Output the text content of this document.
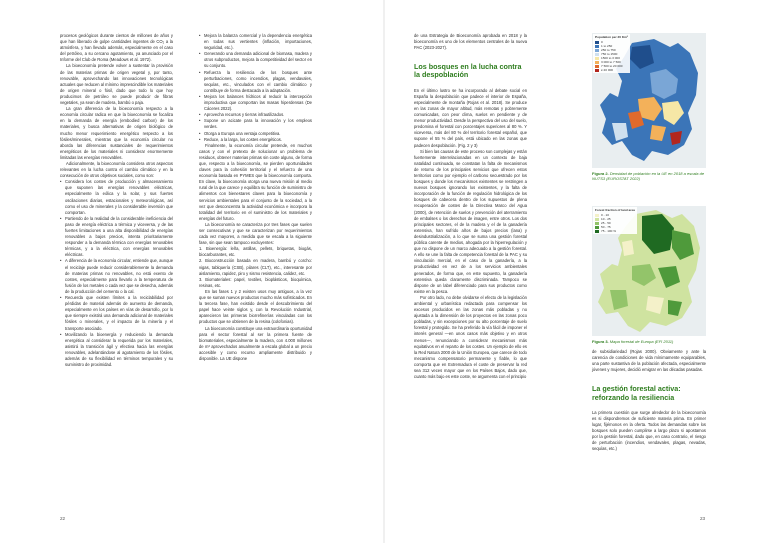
procesos geológicos durante cientos de millones de años y que han liberado de golpe cantidades ingentes de CO₂ a la atmósfera, y han llevado además, especialmente en el caso del petróleo, a su cercano agotamiento, ya anunciado por el Informe del Club de Roma (Meadows et al. 1972).

La bioeconomía pretende volver a sustentar la provisión de las materias primas de origen vegetal y, por tanto, renovable, aprovechando las innovaciones tecnológicas actuales que reducen al mínimo imprescindible los materiales de origen mineral o fósil, dado que todo lo que hoy producimos de petróleo se puede producir de fibras vegetales, ya sean de madera, bambú o paja.

La gran diferencia de la bioeconomía respecto a la economía circular radica en que la bioeconomía se focaliza en la demanda de energía (embodied carbon) de los materiales, y busca alternativas de origen biológico de mucho menor requerimiento energético respecto a los fósiles/minerales, mientras que la economía circular no aborda las diferencias sustanciales de requerimientos energéticos de los materiales ni considerar enormemente limitadas las energías renovables.

Adicionalmente, la bioeconomía considera otros aspectos relevantes en la lucha contra el cambio climático y en la consecución de otros objetivos sociales, como son:

• Considera los costes de producción y almacenamiento que suponen las energías renovables eléctricas, especialmente la eólica y la solar, y sus fuertes oscilaciones diarias, estacionales y meteorológicas, así como el uso de minerales y la considerable inversión que comportan.
• Partiendo de la realidad de la considerable ineficiencia del paso de energía eléctrica a térmica y viceversa, y de las fuertes limitaciones a una alta disponibilidad de energías renovables a bajos precios, intenta prioritariamente responder a la demanda térmica con energías renovables térmicas, y a la eléctrica, con energías renovables eléctricas.
• A diferencia de la economía circular, entiende que, aunque el reciclaje puede reducir considerablemente la demanda de materias primas no renovables, no está exento de costes, especialmente para llevarlo a la temperatura de fusión de los metales o cada vez que se desecha, además de la producción del cemento o la cal.
• Recuerda que existen límites a la reciclabilidad por pérdidas de material además de aumento de demanda, especialmente en los países en vías de desarrollo, por lo que siempre existirá una demanda adicional de materiales fósiles o minerales, y el impacto de la minería y el transporte asociado.
• Movilizando la bioenergía y reduciendo la demanda energética al considerar la requerida por los materiales, asistirá la transición ágil y efectiva hacia las energías renovables, adelantándose al agotamiento de los fósiles, además de su flexibilidad en términos temporales y su suministro de proximidad.
• Mejora la balanza comercial y la dependencia energética en todas sus vertientes (inflación, importaciones, seguridad, etc.).
• Generando una demanda adicional de biomasa, madera y otros subproductos, mejora la competitividad del sector en su conjunto.
• Refuerza la resiliencia de los bosques ante perturbaciones, como incendios, plagas, vendavales, sequías, etc., vinculados con el cambio climático y contribuye de forma destacada a la adaptación.
• Mejora los balances hídricos al reducir la intercepción improductiva que comportan las masas hiperdensas (De Cáceres 2022).
• Aprovecha recursos y tierras infrautilizados.
• Supone un acicate para la innovación y los empleos verdes.
• Otorga a Europa una ventaja competitiva.
• Reduce, a la larga, los costes energéticos.

Finalmente, la economía circular pretende, en muchos casos y con el pretexto de solucionar un problema de residuos, obtener materias primas sin coste alguno, de forma que, respecto a la bioeconomía, se pierden oportunidades claves para la cohesión territorial y el refuerzo de una economía basada en PYMES que la bioeconomía comporta. En clave, la bioeconomía otorga una nueva misión al medio rural de la que carece y equilibra su función de suministro de alimentos con bienestares claves para la bioeconomía y servicios ambientales para el conjunto de la sociedad, a la vez que desconcentra la actividad económica e incorpora la totalidad del territorio en el suministro de los materiales y energías del futuro.

La bioeconomía se caracteriza por tres fases que suelen ser consecutivas y que se caracterizan por requerimientos cada vez mayores, a medida que se escala a la siguiente fase, sin que sean tampoco excluyentes:

1. Bioenergía: leña, astillas, pellets, briquetas, biogás, biocarburantes, etc.

2. Bioconstrucción basada en madera, bambú y corcho: vigas, tablquería (CSB), pilares (CLT), etc., interesante por aislamiento, rapidez, piro y sismo resistencia, calidez, etc.

3. Biomateriales: papel, textiles, bioplásticos, bioquímica, resinas, etc.

En las fases 1 y 2 existen usos muy antiguos, a la vez que se suman nuevos productos mucho más sofisticados. En la tercera fase, han existido desde el descubrimiento del papel hace veinte siglos y, con la Revolución Industrial, aparecieron las primeras biorrefinerías vinculadas con los productos que se obtienen de la resina (colofonias).

La bioeconomía constituye una extraordinaria oportunidad para el sector forestal al ser la primera fuente de biomateriales, especialmente la madera, con 4.000 millones de m³ aprovechados anualmente a escala global a un precio accesible y como recurso ampliamente distribuido y disponible. La UE dispone

de una Estrategia de Bioeconomía aprobada en 2018 y la bioeconomía es uno de los elementos centrales de la nueva PAC (2023-2027).

Los bosques en la lucha contra la despoblación

En el último lustro se ha incorporado al debate social en España la despoblación que padece el interior de España, especialmente de montaña (Rojas et al. 2018). Se produce en las zonas de mayor altitud, más remotas y pobremente comunicadas, con peor clima, suelos en pendiente y de menor productividad. Desde la perspectiva del uso del suelo, predomina el forestal con porcentajes superiores al 80 %. Y viceversa, más del 80 % del territorio forestal español, que supone el 55 % del país, está ubicado en las zonas que padecen despoblación. (Fig. 2 y 3)

Si bien las causas de este proceso son complejas y están fuertemente interrelacionadas en un contexto de baja natalidad continuada, se constatan la falta de mecanismos de retorno de los principales servicios que ofrecen estos territorios como por ejemplo el carbono secuestrado por los bosques y donde los mecanismos existentes se restringen a nuevos bosques ignorando los existentes, y la falta de incorporación de la función de regulación hidrológica de los bosques de cabecera dentro de los supuestos de plena recuperación de costes de la Directiva Marco del Agua (2000), de retención de suelos y prevención del aterramiento de embalses o los derechos de imagen, entre otros. Los dos principales sectores, el de la madera y el de la ganadería extensiva, han sufrido años de bajos precios (lana) y desindustrialización, a lo que se suma una gestión forestal pública carente de medios, ahogada por la hiperregulación y que no dispone de un marco adecuado a la gestión forestal. A ello se une la falta de competencia forestal de la PAC y su vinculación mercial, en el caso de la ganadería, a la productividad en vez de a los servicios ambientales generados, de forma que, en este supuesto, la ganadería extensiva queda claramente discriminada. Tampoco se dispone de un label diferenciado para sus productos como existe en la pesca.

Por otro lado, no debe olvidarse el efecto de la legislación ambiental y urbanística redactada para compensar los excesos producidos en las zonas más pobladas y no ajustada a la dimensión de los proyectos en las zonas poco pobladas, y sin excepciones por su alto porcentaje de suelo forestal y protegido. Se ha preferido la vía fácil de imponer el interés general —en unos casos más objetivo y en otros menos—, renunciando a considerar mecanismos más equitativos en el reparto de los costes. Un ejemplo de ello es la Red Natura 2000 de la Unión Europea, que carece de todo mecanismo compensatorio permanente y fiable, lo que comporta que en Extremadura el coste de preservar la red sea 312 veces mayor que en los Países Bajos, dado que, cuanto más bajo es este coste, se argumenta con el principio

Population per 20 Km²
0
1 to 250
250 to 750
750 to 1500
1500 to 3 000
3 000 to 7 500
7 500 to 20 000
≥ 20 000
Figura 2. Densidad de población en la UE en 2018 a escala de NUTS3 (EUROSTAT 2022)
Forest fraction of land area
0 - 10
10 - 25
25 - 50
50 - 75
75 - 100 %
Figura 3. Mapa forestal de Europa (EFI 2011)

de subsidiariedad (Rojas 2000). Obviamente y ante la carencia de condiciones de vida mínimamente equiparables, una parte sustantiva de la población afectada, especialmente jóvenes y mujeres, decidió emigrar en las décadas pasadas.

La gestión forestal activa: reforzando la resiliencia

La primera cuestión que surge alrededor de la bioeconomía es si dispondremos de suficiente materia prima. En primer lugar, fijémonos en la oferta. Todos las demandas sobre los bosques solo pueden cumplirse a largo plazo si apostamos por la gestión forestal, dado que, en caso contrario, el riesgo de perturbación (incendios, vendavales, plagas, nevadas, sequías, etc.)

22	23
